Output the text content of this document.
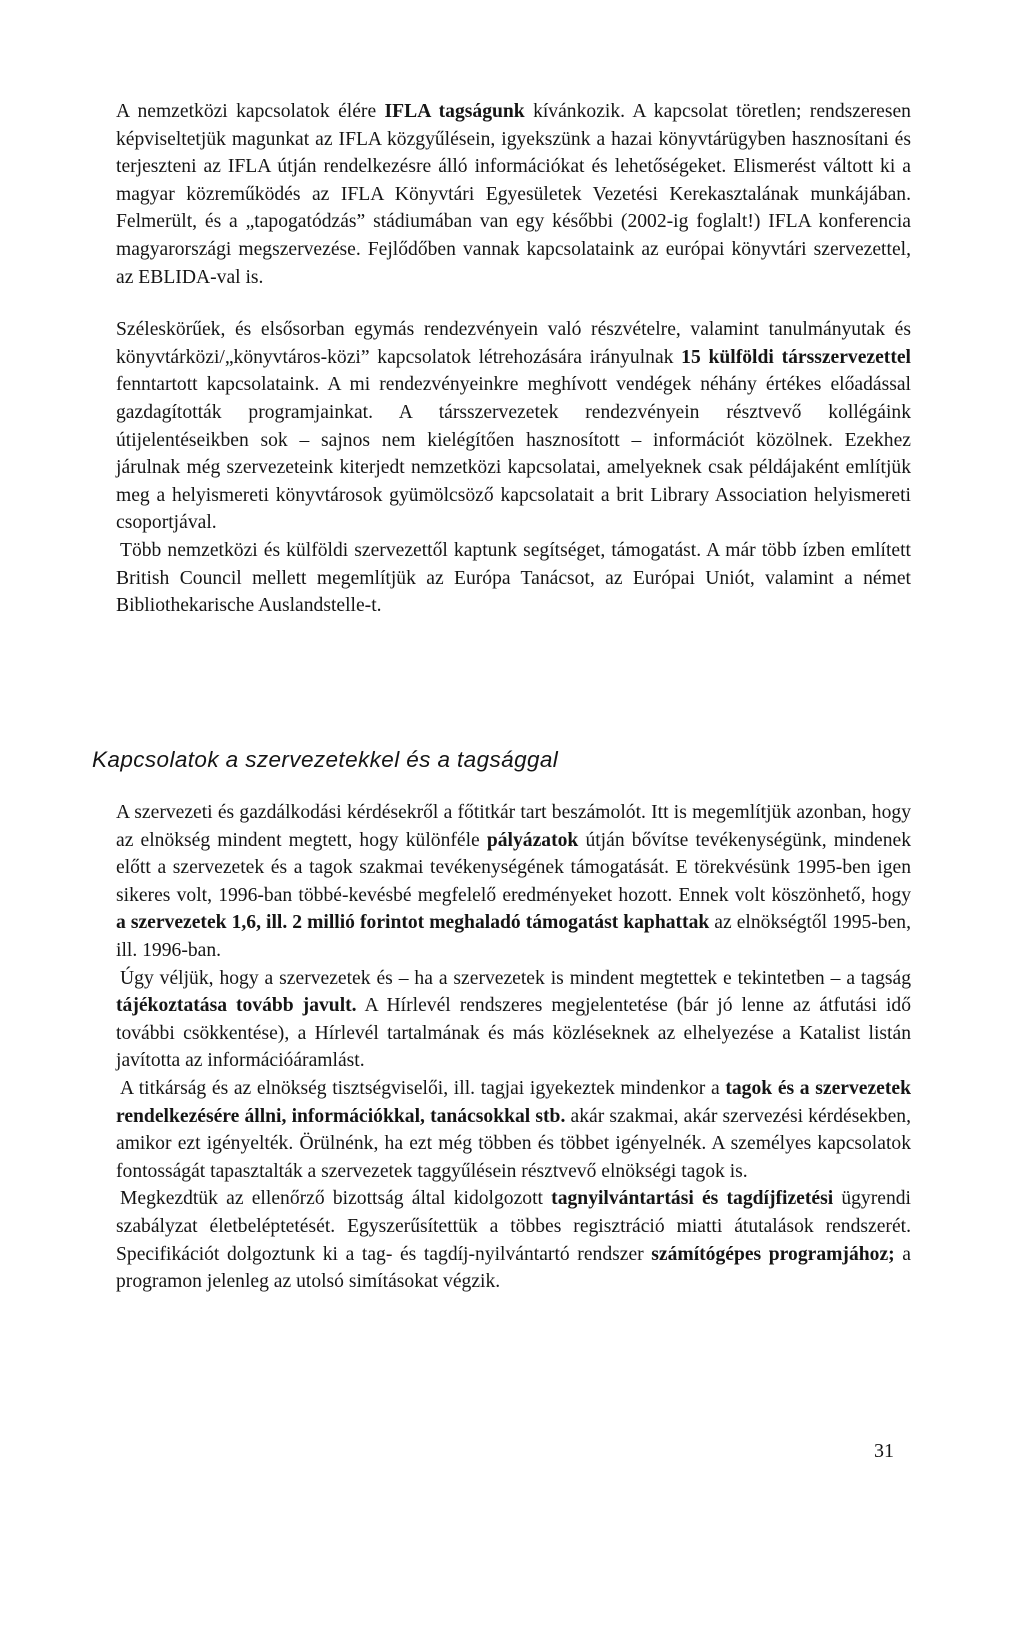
A nemzetközi kapcsolatok élére IFLA tagságunk kívánkozik. A kapcsolat töretlen; rendszeresen képviseltetjük magunkat az IFLA közgyűlésein, igyekszünk a hazai könyvtárügyben hasznosítani és terjeszteni az IFLA útján rendelkezésre álló információkat és lehetőségeket. Elismerést váltott ki a magyar közreműködés az IFLA Könyvtári Egyesületek Vezetési Kerekasztalának munkájában. Felmerült, és a „tapogatódzás” stádiumában van egy későbbi (2002-ig foglalt!) IFLA konferencia magyarországi megszervezése. Fejlődőben vannak kapcsolataink az európai könyvtári szervezettel, az EBLIDA-val is.

Széleskörűek, és elsősorban egymás rendezvényein való részvételre, valamint tanulmányutak és könyvtárközi/„könyvtáros-közi” kapcsolatok létrehozására irányulnak 15 külföldi társszervezettel fenntartott kapcsolataink. A mi rendezvényeinkre meghívott vendégek néhány értékes előadással gazdagították programjainkat. A társszervezetek rendezvényein résztvevő kollégáink útijelentéseikben sok – sajnos nem kielégítően hasznosított – információt közölnek. Ezekhez járulnak még szervezeteink kiterjedt nemzetközi kapcsolatai, amelyeknek csak példájaként említjük meg a helyismereti könyvtárosok gyümölcsöző kapcsolatait a brit Library Association helyismereti csoportjával.

Több nemzetközi és külföldi szervezettől kaptunk segítséget, támogatást. A már több ízben említett British Council mellett megemlítjük az Európa Tanácsot, az Európai Uniót, valamint a német Bibliothekarische Auslandstelle-t.

Kapcsolatok a szervezetekkel és a tagsággal

A szervezeti és gazdálkodási kérdésekről a főtitkár tart beszámolót. Itt is megemlítjük azonban, hogy az elnökség mindent megtett, hogy különféle pályázatok útján bővítse tevékenységünk, mindenek előtt a szervezetek és a tagok szakmai tevékenységének támogatását. E törekvésünk 1995-ben igen sikeres volt, 1996-ban többé-kevésbé megfelelő eredményeket hozott. Ennek volt köszönhető, hogy a szervezetek 1,6, ill. 2 millió forintot meghaladó támogatást kaphattak az elnökségtől 1995-ben, ill. 1996-ban.

Úgy véljük, hogy a szervezetek és – ha a szervezetek is mindent megtettek e tekintetben – a tagság tájékoztatása tovább javult. A Hírlevél rendszeres megjelentetése (bár jó lenne az átfutási idő további csökkentése), a Hírlevél tartalmának és más közléseknek az elhelyezése a Katalist listán javította az információáramlást.

A titkárság és az elnökség tisztségviselői, ill. tagjai igyekeztek mindenkor a tagok és a szervezetek rendelkezésére állni, információkkal, tanácsokkal stb. akár szakmai, akár szervezési kérdésekben, amikor ezt igényelték. Örülnénk, ha ezt még többen és többet igényelnék. A személyes kapcsolatok fontosságát tapasztalták a szervezetek taggyűlésein résztvevő elnökségi tagok is.

Megkezdtük az ellenőrző bizottság által kidolgozott tagnyilvántartási és tagdíjfizetési ügyrendi szabályzat életbeléptetését. Egyszerűsítettük a többes regisztráció miatti átutalások rendszerét. Specifikációt dolgoztunk ki a tag- és tagdíj-nyilvántartó rendszer számítógépes programjához; a programon jelenleg az utolsó simításokat végzik.

31
